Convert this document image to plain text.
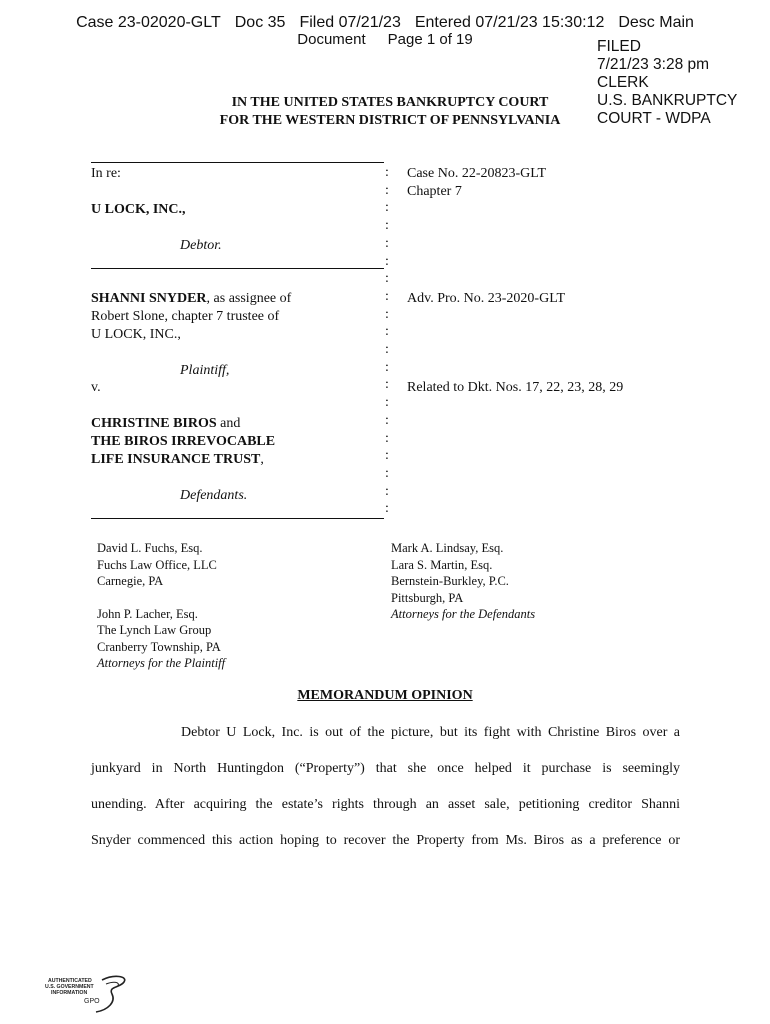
Case 23-02020-GLT Doc 35 Filed 07/21/23 Entered 07/21/23 15:30:12 Desc Main
Document Page 1 of 19	FILED
7/21/23 3:28 pm
CLERK
U.S. BANKRUPTCY
COURT - WDPA
IN THE UNITED STATES BANKRUPTCY COURT
FOR THE WESTERN DISTRICT OF PENNSYLVANIA
:
:
:
:
:
:
:
:
:
:
:
:
:
:
:
:
:
:
:
:

In re:
U LOCK, INC.,
Debtor.
SHANNI SNYDER, as assignee of
Robert Slone, chapter 7 trustee of
U LOCK, INC.,
Plaintiff,
v.
CHRISTINE BIROS and
THE BIROS IRREVOCABLE
LIFE INSURANCE TRUST,
Defendants.
Case No. 22-20823-GLT
Chapter 7
Adv. Pro. No. 23-2020-GLT
Related to Dkt. Nos. 17, 22, 23, 28, 29
David L. Fuchs, Esq.
Fuchs Law Office, LLC
Carnegie, PA
John P. Lacher, Esq.
The Lynch Law Group
Cranberry Township, PA
Attorneys for the Plaintiff
Mark A. Lindsay, Esq.
Lara S. Martin, Esq.
Bernstein-Burkley, P.C.
Pittsburgh, PA
Attorneys for the Defendants
MEMORANDUM OPINION
Debtor U Lock, Inc. is out of the picture, but its fight with Christine Biros over a
junkyard in North Huntingdon (“Property”) that she once helped it purchase is seemingly
unending. After acquiring the estate’s rights through an asset sale, petitioning creditor Shanni
Snyder commenced this action hoping to recover the Property from Ms. Biros as a preference or
AUTHENTICATED
U.S. GOVERNMENT
INFORMATION
GPO
